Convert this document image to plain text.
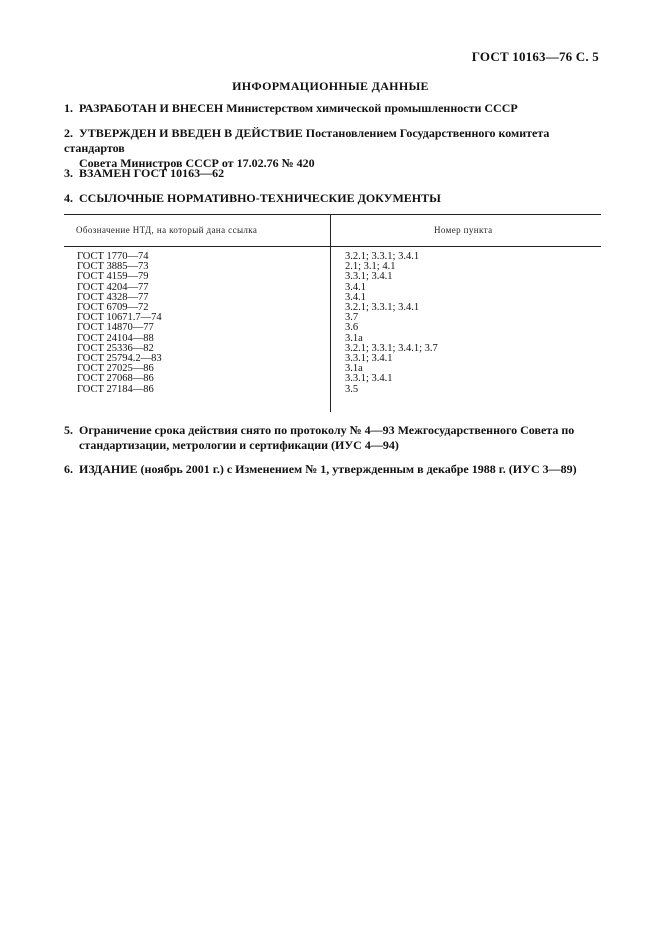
ГОСТ 10163—76 С. 5
ИНФОРМАЦИОННЫЕ ДАННЫЕ
1.  РАЗРАБОТАН И ВНЕСЕН Министерством химической промышленности СССР
2.  УТВЕРЖДЕН И ВВЕДЕН В ДЕЙСТВИЕ Постановлением Государственного комитета стандартов
Совета Министров СССР от 17.02.76 № 420
3.  ВЗАМЕН ГОСТ 10163—62
4.  ССЫЛОЧНЫЕ НОРМАТИВНО-ТЕХНИЧЕСКИЕ ДОКУМЕНТЫ
Обозначение НТД, на который дана ссылка	Номер пункта
ГОСТ 1770—74
ГОСТ 3885—73
ГОСТ 4159—79
ГОСТ 4204—77
ГОСТ 4328—77
ГОСТ 6709—72
ГОСТ 10671.7—74
ГОСТ 14870—77
ГОСТ 24104—88
ГОСТ 25336—82
ГОСТ 25794.2—83
ГОСТ 27025—86
ГОСТ 27068—86
ГОСТ 27184—86
3.2.1; 3.3.1; 3.4.1
2.1; 3.1; 4.1
3.3.1; 3.4.1
3.4.1
3.4.1
3.2.1; 3.3.1; 3.4.1
3.7
3.6
3.1а
3.2.1; 3.3.1; 3.4.1; 3.7
3.3.1; 3.4.1
3.1а
3.3.1; 3.4.1
3.5
5.  Ограничение срока действия снято по протоколу № 4—93 Межгосударственного Совета по
стандартизации, метрологии и сертификации (ИУС 4—94)
6.  ИЗДАНИЕ (ноябрь 2001 г.) с Изменением № 1, утвержденным в декабре 1988 г. (ИУС 3—89)
